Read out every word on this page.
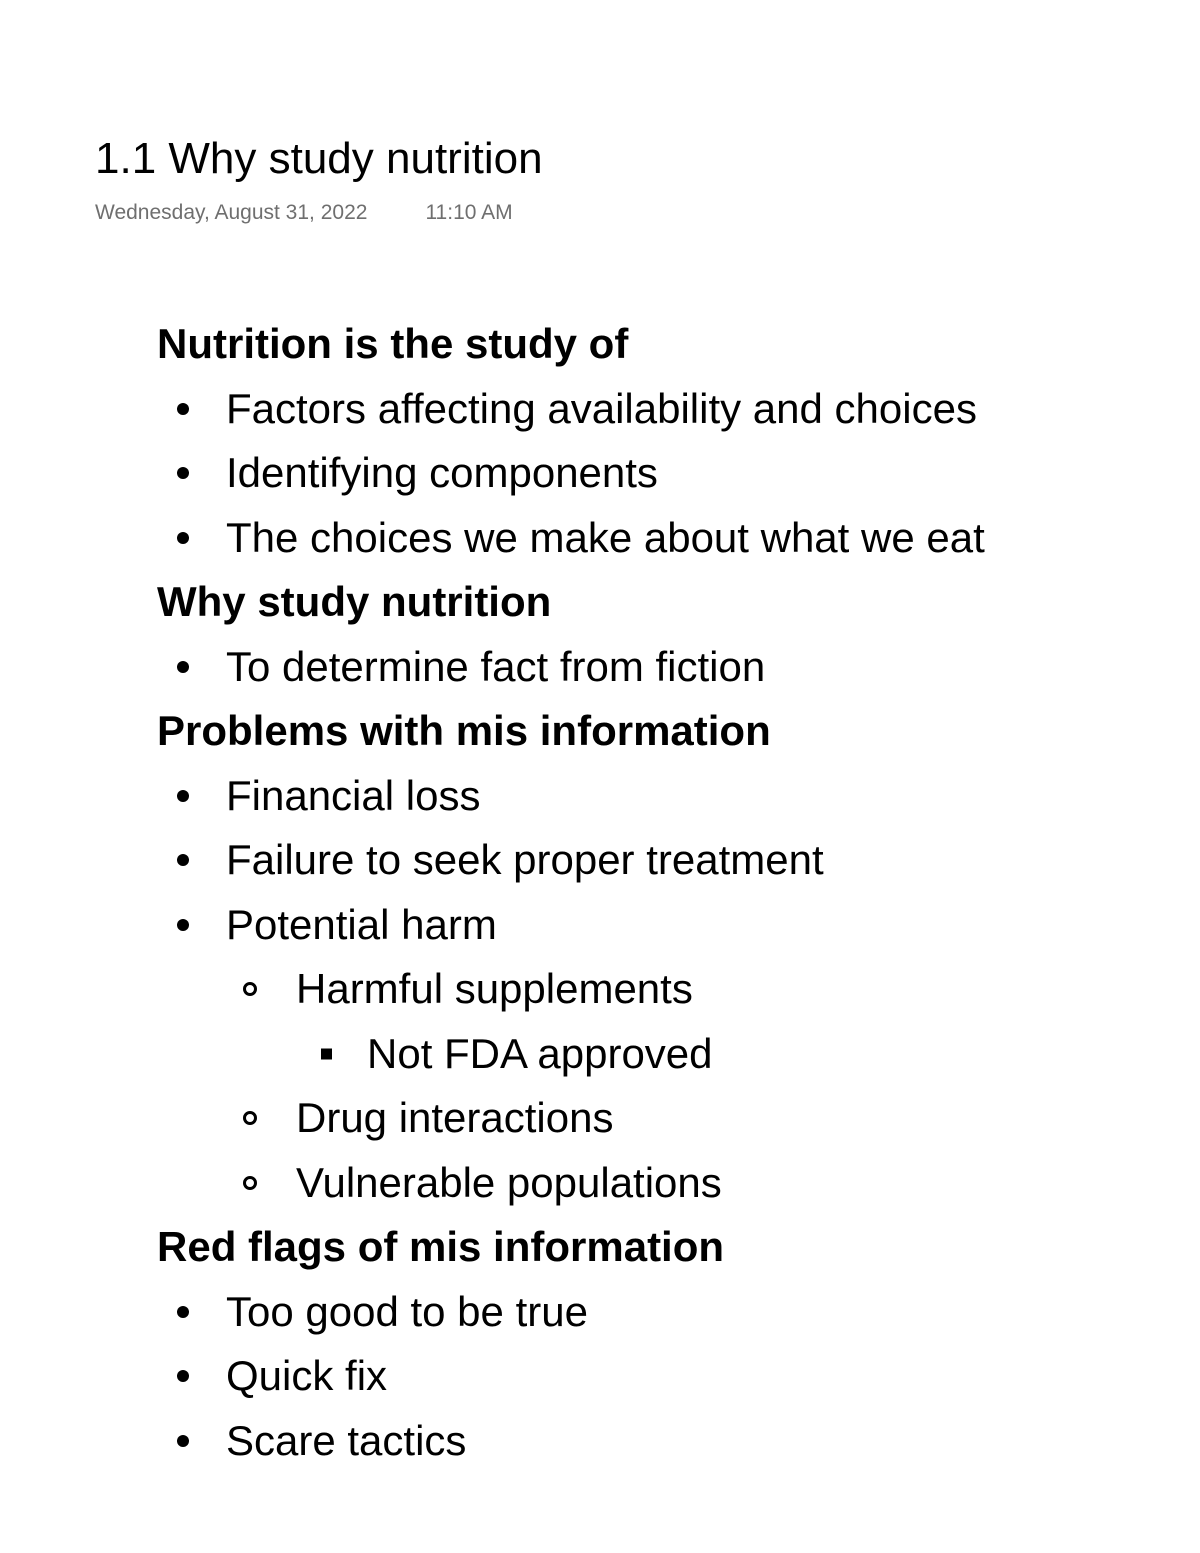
1.1 Why study nutrition
Wednesday, August 31, 2022	11:10 AM
Nutrition is the study of
Factors affecting availability and choices
Identifying components
The choices we make about what we eat
Why study nutrition
To determine fact from fiction
Problems with mis information
Financial loss
Failure to seek proper treatment
Potential harm
Harmful supplements
Not FDA approved
Drug interactions
Vulnerable populations
Red flags of mis information
Too good to be true
Quick fix
Scare tactics
